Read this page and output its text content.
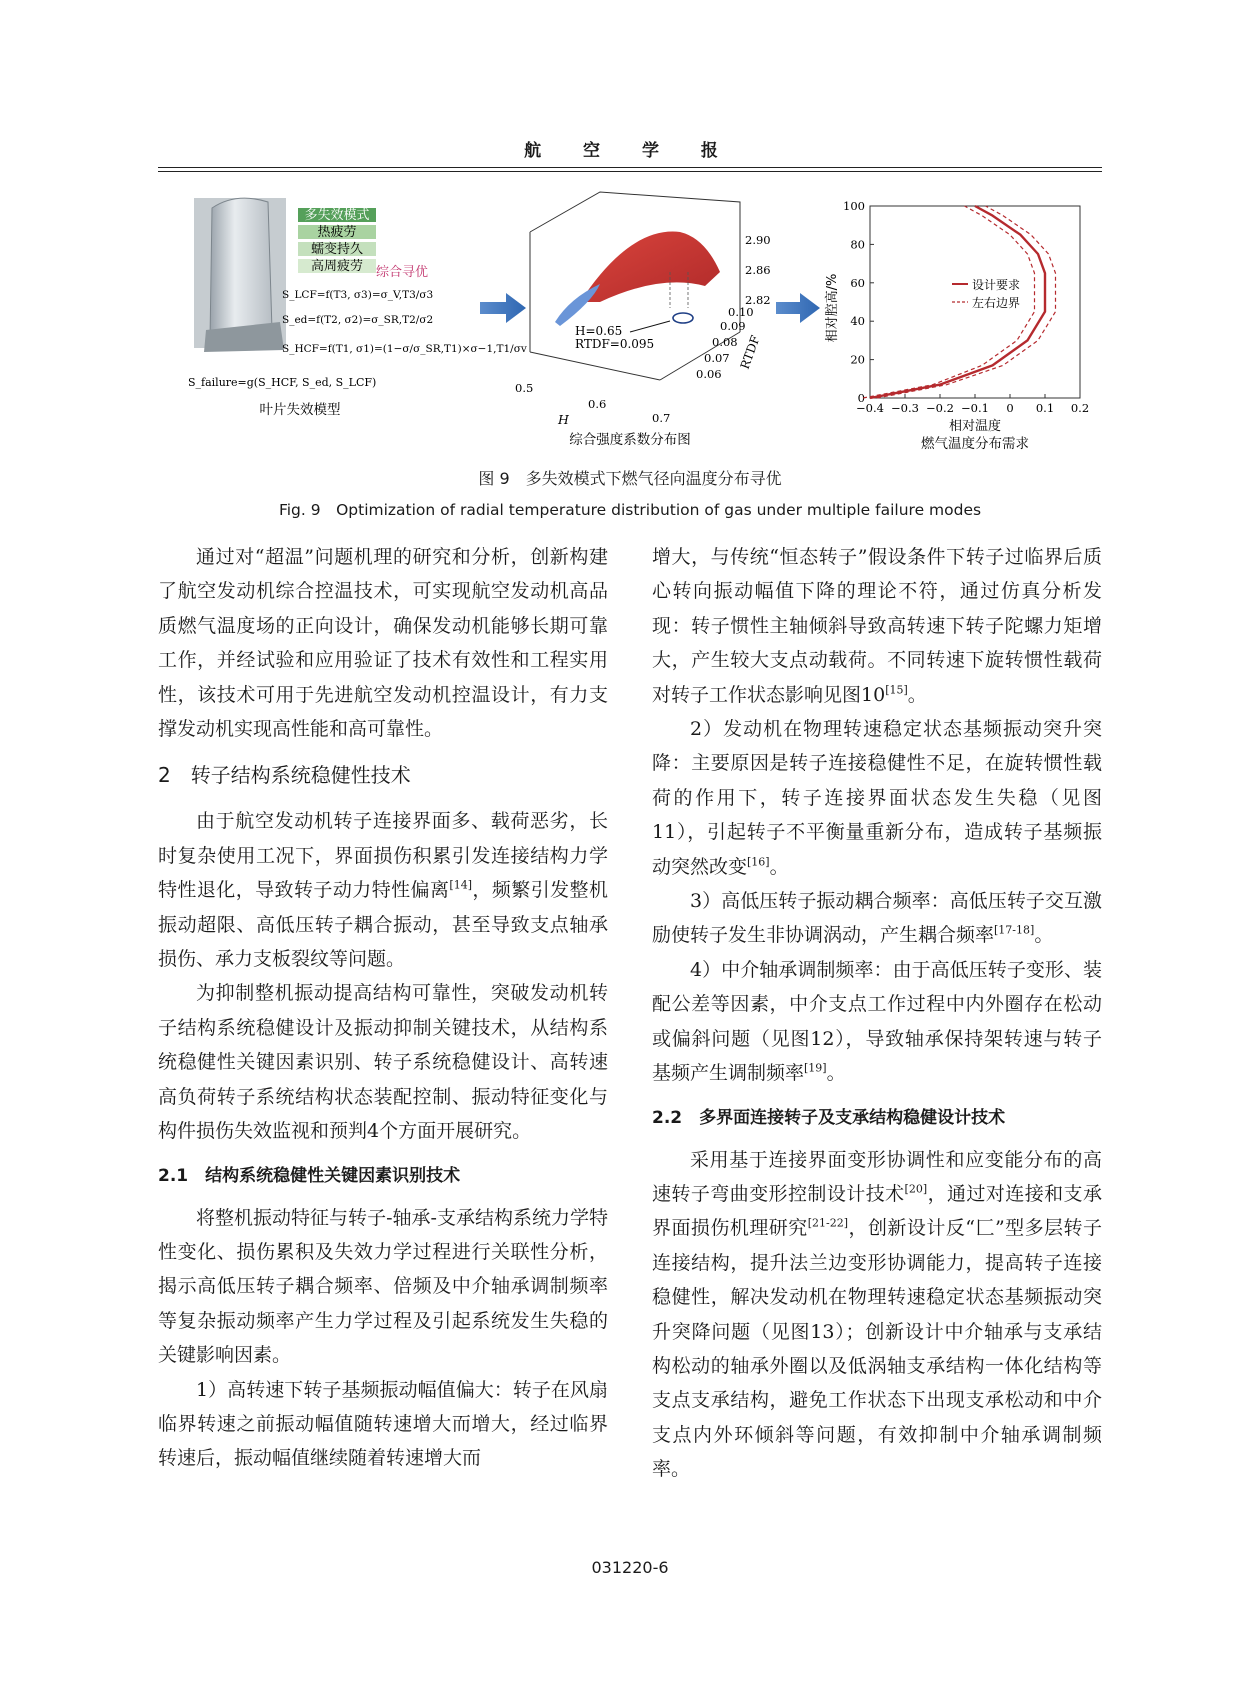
航 空 学 报
多失效模式
热疲劳
蠕变持久
高周疲劳 综合寻优
S_LCF=f(T3, σ3)=σ_V,T3/σ3
S_ed=f(T2, σ2)=σ_SR,T2/σ2
S_HCF=f(T1, σ1)=(1−σ/σ_SR,T1)×σ−1,T1/σv
S_failure=g(S_HCF, S_ed, S_LCF)
叶片失效模型
H=0.65
RTDF=0.095
2.90
2.86
2.82
0.10
0.09
0.08
0.07
0.06
RTDF
0.5
0.6
0.7
H
综合强度系数分布图
−0.4 −0.3 −0.2 −0.1 0 0.1 0.2
0
20
40
60
80
100
设计要求
左右边界
相对腔高/%
相对温度
燃气温度分布需求
图 9　多失效模式下燃气径向温度分布寻优
Fig. 9　Optimization of radial temperature distribution of gas under multiple failure modes

通过对“超温”问题机理的研究和分析，创新构建了航空发动机综合控温技术，可实现航空发动机高品质燃气温度场的正向设计，确保发动机能够长期可靠工作，并经试验和应用验证了技术有效性和工程实用性，该技术可用于先进航空发动机控温设计，有力支撑发动机实现高性能和高可靠性。

2　转子结构系统稳健性技术

由于航空发动机转子连接界面多、载荷恶劣，长时复杂使用工况下，界面损伤积累引发连接结构力学特性退化，导致转子动力特性偏离[14]，频繁引发整机振动超限、高低压转子耦合振动，甚至导致支点轴承损伤、承力支板裂纹等问题。

为抑制整机振动提高结构可靠性，突破发动机转子结构系统稳健设计及振动抑制关键技术，从结构系统稳健性关键因素识别、转子系统稳健设计、高转速高负荷转子系统结构状态装配控制、振动特征变化与构件损伤失效监视和预判4个方面开展研究。

2.1　结构系统稳健性关键因素识别技术

将整机振动特征与转子-轴承-支承结构系统力学特性变化、损伤累积及失效力学过程进行关联性分析，揭示高低压转子耦合频率、倍频及中介轴承调制频率等复杂振动频率产生力学过程及引起系统发生失稳的关键影响因素。

1）高转速下转子基频振动幅值偏大：转子在风扇临界转速之前振动幅值随转速增大而增大，经过临界转速后，振动幅值继续随着转速增大而

增大，与传统“恒态转子”假设条件下转子过临界后质心转向振动幅值下降的理论不符，通过仿真分析发现：转子惯性主轴倾斜导致高转速下转子陀螺力矩增大，产生较大支点动载荷。不同转速下旋转惯性载荷对转子工作状态影响见图10[15]。

2）发动机在物理转速稳定状态基频振动突升突降：主要原因是转子连接稳健性不足，在旋转惯性载荷的作用下，转子连接界面状态发生失稳（见图11），引起转子不平衡量重新分布，造成转子基频振动突然改变[16]。

3）高低压转子振动耦合频率：高低压转子交互激励使转子发生非协调涡动，产生耦合频率[17-18]。

4）中介轴承调制频率：由于高低压转子变形、装配公差等因素，中介支点工作过程中内外圈存在松动或偏斜问题（见图12），导致轴承保持架转速与转子基频产生调制频率[19]。

2.2　多界面连接转子及支承结构稳健设计技术

采用基于连接界面变形协调性和应变能分布的高速转子弯曲变形控制设计技术[20]，通过对连接和支承界面损伤机理研究[21-22]，创新设计反“匚”型多层转子连接结构，提升法兰边变形协调能力，提高转子连接稳健性，解决发动机在物理转速稳定状态基频振动突升突降问题（见图13）；创新设计中介轴承与支承结构松动的轴承外圈以及低涡轴支承结构一体化结构等支点支承结构，避免工作状态下出现支承松动和中介支点内外环倾斜等问题，有效抑制中介轴承调制频率。

031220-6
